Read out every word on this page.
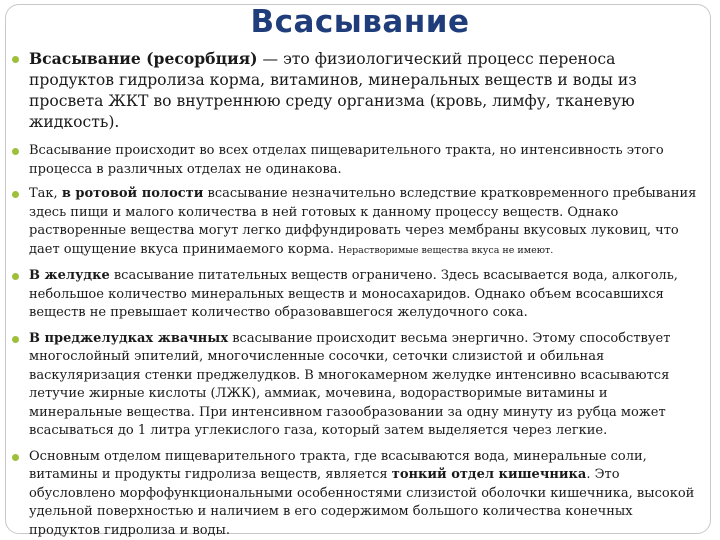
Всасывание

Всасывание (ресорбция) — это физиологический процесс переноса продуктов гидролиза корма, витаминов, минеральных веществ и воды из просвета ЖКТ во внутреннюю среду организма (кровь, лимфу, тканевую жидкость).

Всасывание происходит во всех отделах пищеварительного тракта, но интенсивность этого процесса в различных отделах не одинакова.

Так, в ротовой полости всасывание незначительно вследствие кратковременного пребывания здесь пищи и малого количества в ней готовых к данному процессу веществ. Однако растворенные вещества могут легко диффундировать через мембраны вкусовых луковиц, что дает ощущение вкуса принимаемого корма. Нерастворимые вещества вкуса не имеют.

В желудке всасывание питательных веществ ограничено. Здесь всасывается вода, алкоголь, небольшое количество минеральных веществ и моносахаридов. Однако объем всосавшихся веществ не превышает количество образовавшегося желудочного сока.

В преджелудках жвачных всасывание происходит весьма энергично. Этому способствует многослойный эпителий, многочисленные сосочки, сеточки слизистой и обильная васкуляризация стенки преджелудков. В многокамерном желудке интенсивно всасываются летучие жирные кислоты (ЛЖК), аммиак, мочевина, водорастворимые витамины и минеральные вещества. При интенсивном газообразовании за одну минуту из рубца может всасываться до 1 литра углекислого газа, который затем выделяется через легкие.

Основным отделом пищеварительного тракта, где всасываются вода, минеральные соли, витамины и продукты гидролиза веществ, является тонкий отдел кишечника. Это обусловлено морфофункциональными особенностями слизистой оболочки кишечника, высокой удельной поверхностью и наличием в его содержимом большого количества конечных продуктов гидролиза и воды.
